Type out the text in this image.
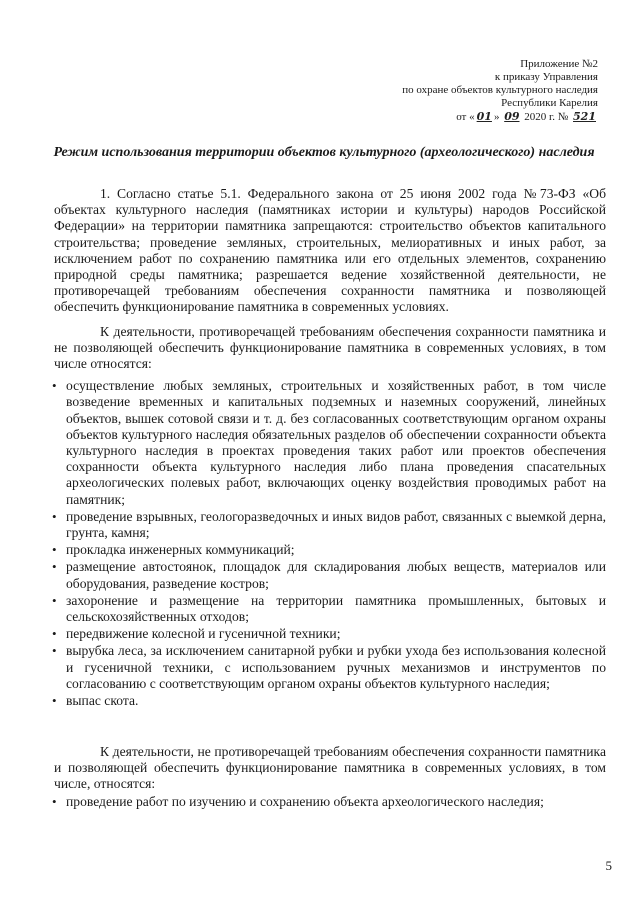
Приложение №2
к приказу Управления
по охране объектов культурного наследия
Республики Карелия
от « 01 » 09 2020 г. № 521
Режим использования территории объектов культурного (археологического) наследия

1. Согласно статье 5.1. Федерального закона от 25 июня 2002 года №73-ФЗ «Об объектах культурного наследия (памятниках истории и культуры) народов Российской Федерации» на территории памятника запрещаются: строительство объектов капитального строительства; проведение земляных, строительных, мелиоративных и иных работ, за исключением работ по сохранению памятника или его отдельных элементов, сохранению природной среды памятника; разрешается ведение хозяйственной деятельности, не противоречащей требованиям обеспечения сохранности памятника и позволяющей обеспечить функционирование памятника в современных условиях.

К деятельности, противоречащей требованиям обеспечения сохранности памятника и не позволяющей обеспечить функционирование памятника в современных условиях, в том числе относятся:

• осуществление любых земляных, строительных и хозяйственных работ, в том числе возведение временных и капитальных подземных и наземных сооружений, линейных объектов, вышек сотовой связи и т. д. без согласованных соответствующим органом охраны объектов культурного наследия обязательных разделов об обеспечении сохранности объекта культурного наследия в проектах проведения таких работ или проектов обеспечения сохранности объекта культурного наследия либо плана проведения спасательных археологических полевых работ, включающих оценку воздействия проводимых работ на памятник;
• проведение взрывных, геологоразведочных и иных видов работ, связанных с выемкой дерна, грунта, камня;
• прокладка инженерных коммуникаций;
• размещение автостоянок, площадок для складирования любых веществ, материалов или оборудования, разведение костров;
• захоронение и размещение на территории памятника промышленных, бытовых и сельскохозяйственных отходов;
• передвижение колесной и гусеничной техники;
• вырубка леса, за исключением санитарной рубки и рубки ухода без использования колесной и гусеничной техники, с использованием ручных механизмов и инструментов по согласованию с соответствующим органом охраны объектов культурного наследия;
• выпас скота.

К деятельности, не противоречащей требованиям обеспечения сохранности памятника и позволяющей обеспечить функционирование памятника в современных условиях, в том числе, относятся:

• проведение работ по изучению и сохранению объекта археологического наследия;
5
